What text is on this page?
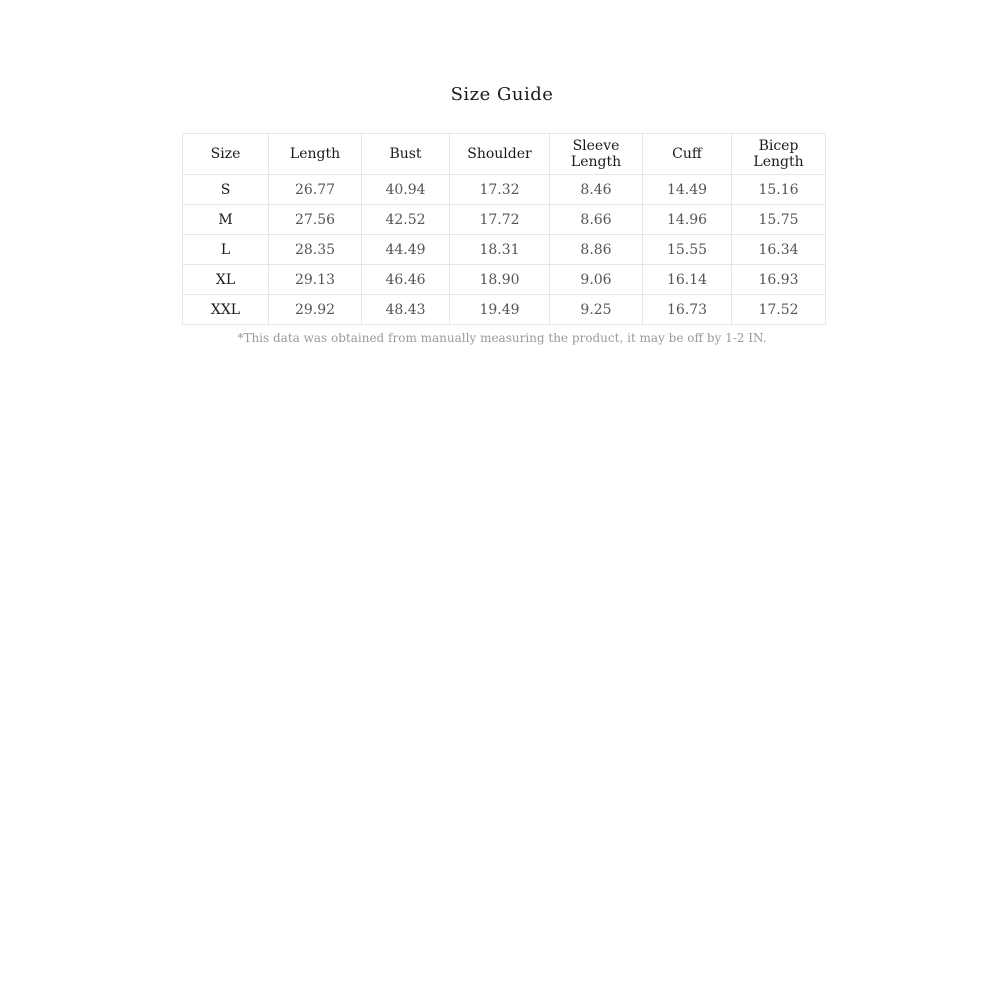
Size Guide
Size	Length	Bust	Shoulder	Sleeve Length	Cuff	Bicep Length
S	26.77	40.94	17.32	8.46	14.49	15.16
M	27.56	42.52	17.72	8.66	14.96	15.75
L	28.35	44.49	18.31	8.86	15.55	16.34
XL	29.13	46.46	18.90	9.06	16.14	16.93
XXL	29.92	48.43	19.49	9.25	16.73	17.52
*This data was obtained from manually measuring the product, it may be off by 1-2 IN.
